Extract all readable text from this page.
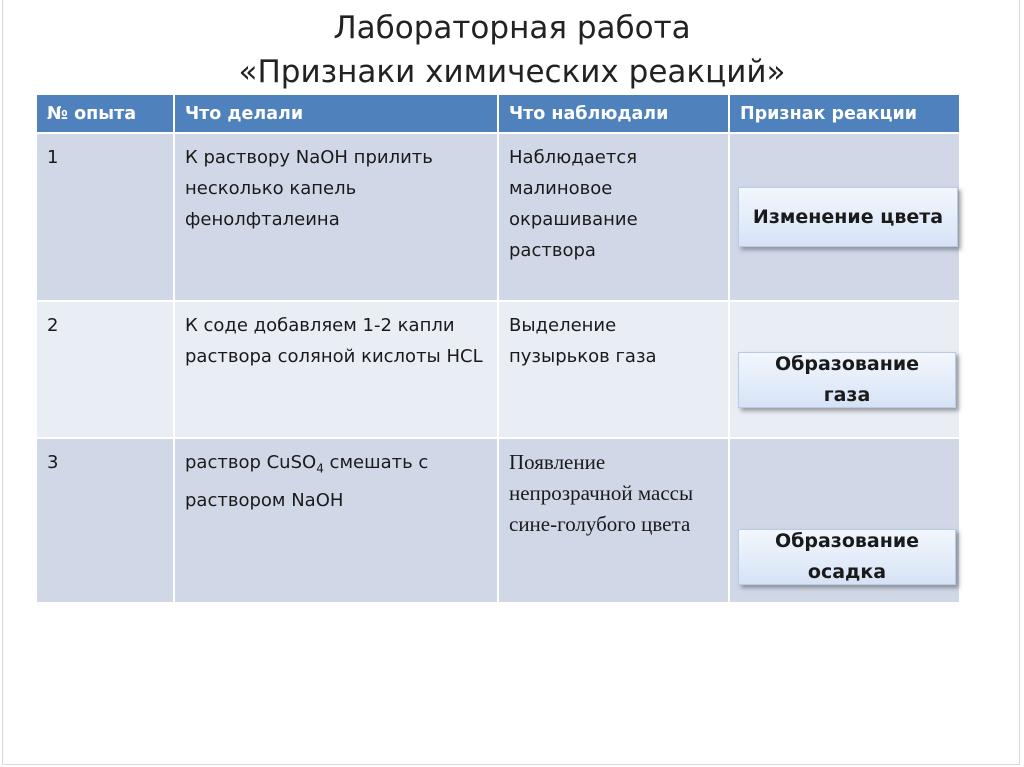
Лабораторная работа
«Признаки химических реакций»
№ опыта	Что делали	Что наблюдали	Признак реакции
1	К раствору NaOH прилить несколько капель фенолфталеина	Наблюдается малиновое окрашивание раствора	Изменение цвета

2	К соде добавляем 1-2 капли раствора соляной кислоты HCL	Выделение пузырьков газа	Образование газа

3	раствор CuSO$_4$ смешать с раствором NaOH	Появление непрозрачной массы сине-голубого цвета	Образование осадка
